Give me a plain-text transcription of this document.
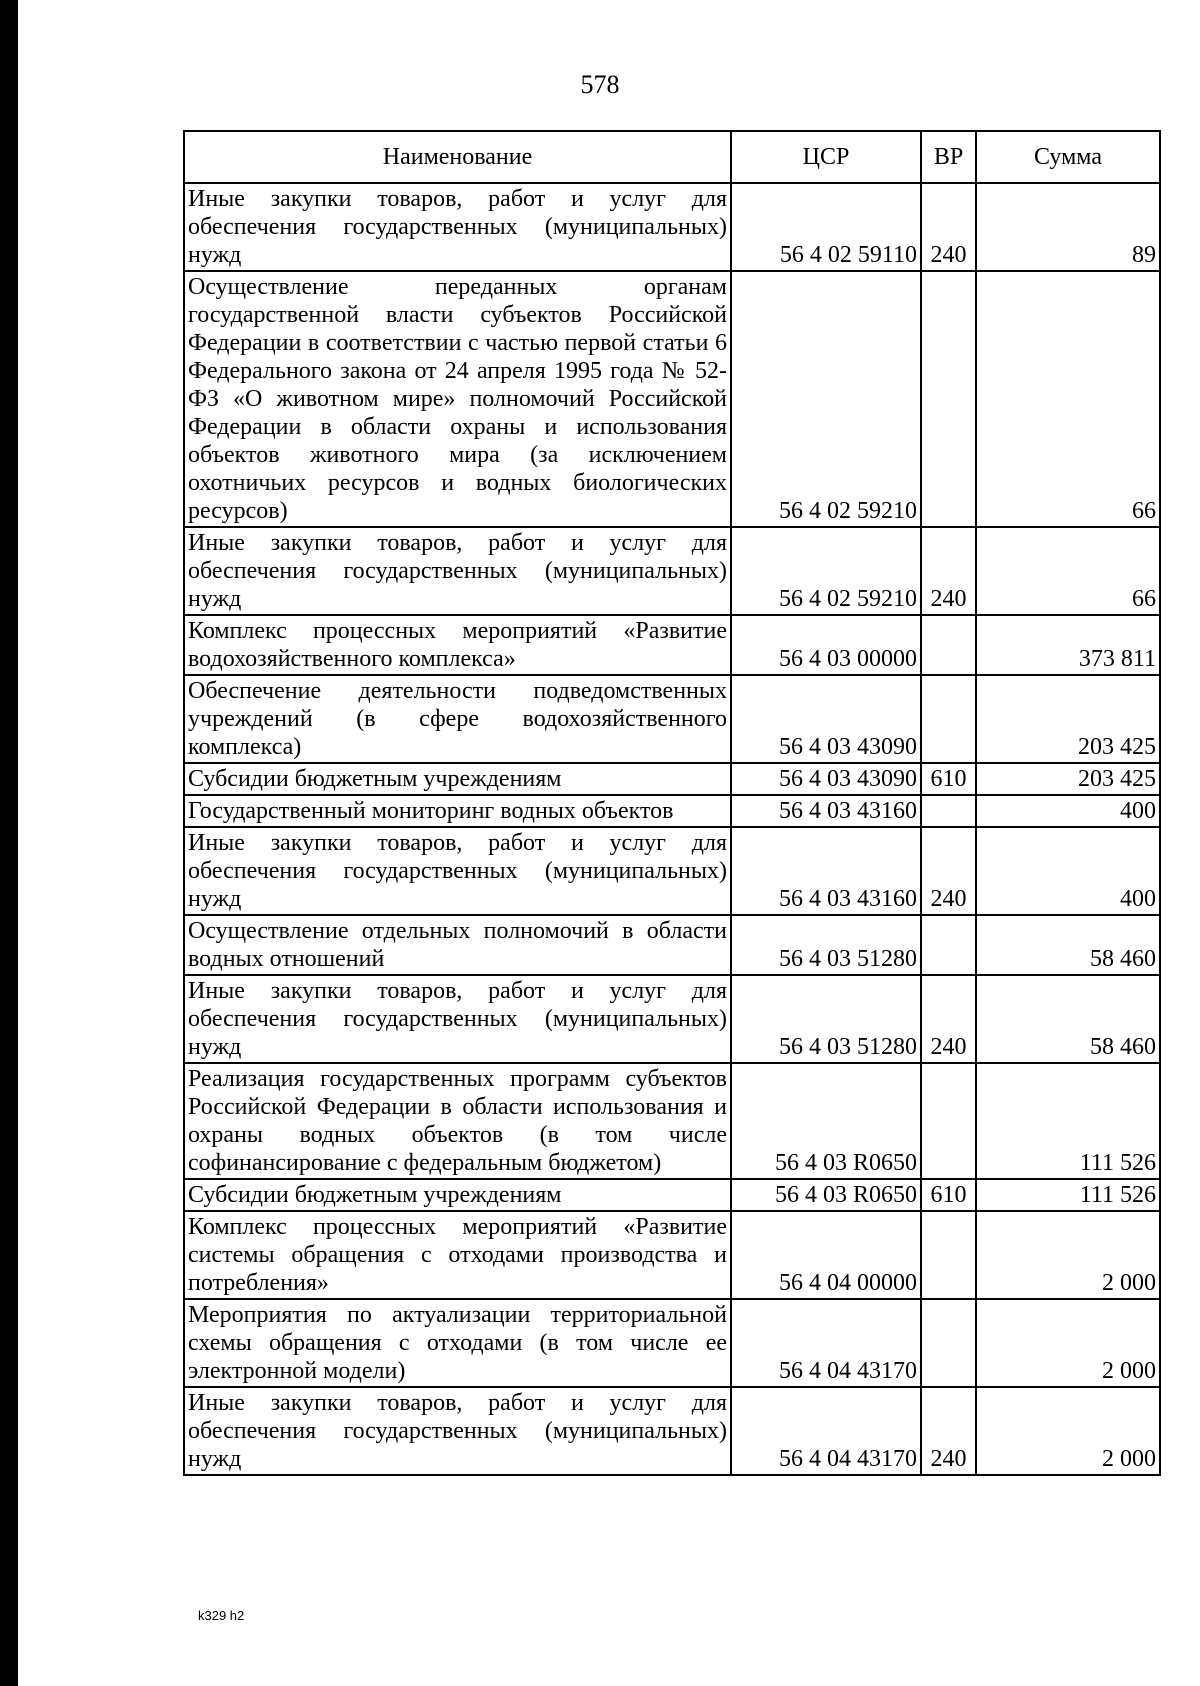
578
Наименование	ЦСР	ВР	Сумма
Иные закупки товаров, работ и услуг для обеспечения государственных (муниципальных) нужд	56 4 02 59110	240	89
Осуществление переданных органам государственной власти субъектов Российской Федерации в соответствии с частью первой статьи 6 Федерального закона от 24 апреля 1995 года № 52-ФЗ «О животном мире» полномочий Российской Федерации в области охраны и использования объектов животного мира (за исключением охотничьих ресурсов и водных биологических ресурсов)	56 4 02 59210		66
Иные закупки товаров, работ и услуг для обеспечения государственных (муниципальных) нужд	56 4 02 59210	240	66
Комплекс процессных мероприятий «Развитие водохозяйственного комплекса»	56 4 03 00000		373 811
Обеспечение деятельности подведомственных учреждений (в сфере водохозяйственного комплекса)	56 4 03 43090		203 425
Субсидии бюджетным учреждениям	56 4 03 43090	610	203 425
Государственный мониторинг водных объектов	56 4 03 43160		400
Иные закупки товаров, работ и услуг для обеспечения государственных (муниципальных) нужд	56 4 03 43160	240	400
Осуществление отдельных полномочий в области водных отношений	56 4 03 51280		58 460
Иные закупки товаров, работ и услуг для обеспечения государственных (муниципальных) нужд	56 4 03 51280	240	58 460
Реализация государственных программ субъектов Российской Федерации в области использования и охраны водных объектов (в том числе софинансирование с федеральным бюджетом)	56 4 03 R0650		111 526
Субсидии бюджетным учреждениям	56 4 03 R0650	610	111 526
Комплекс процессных мероприятий «Развитие системы обращения с отходами производства и потребления»	56 4 04 00000		2 000
Мероприятия по актуализации территориальной схемы обращения с отходами (в том числе ее электронной модели)	56 4 04 43170		2 000
Иные закупки товаров, работ и услуг для обеспечения государственных (муниципальных) нужд	56 4 04 43170	240	2 000
k329 h2
